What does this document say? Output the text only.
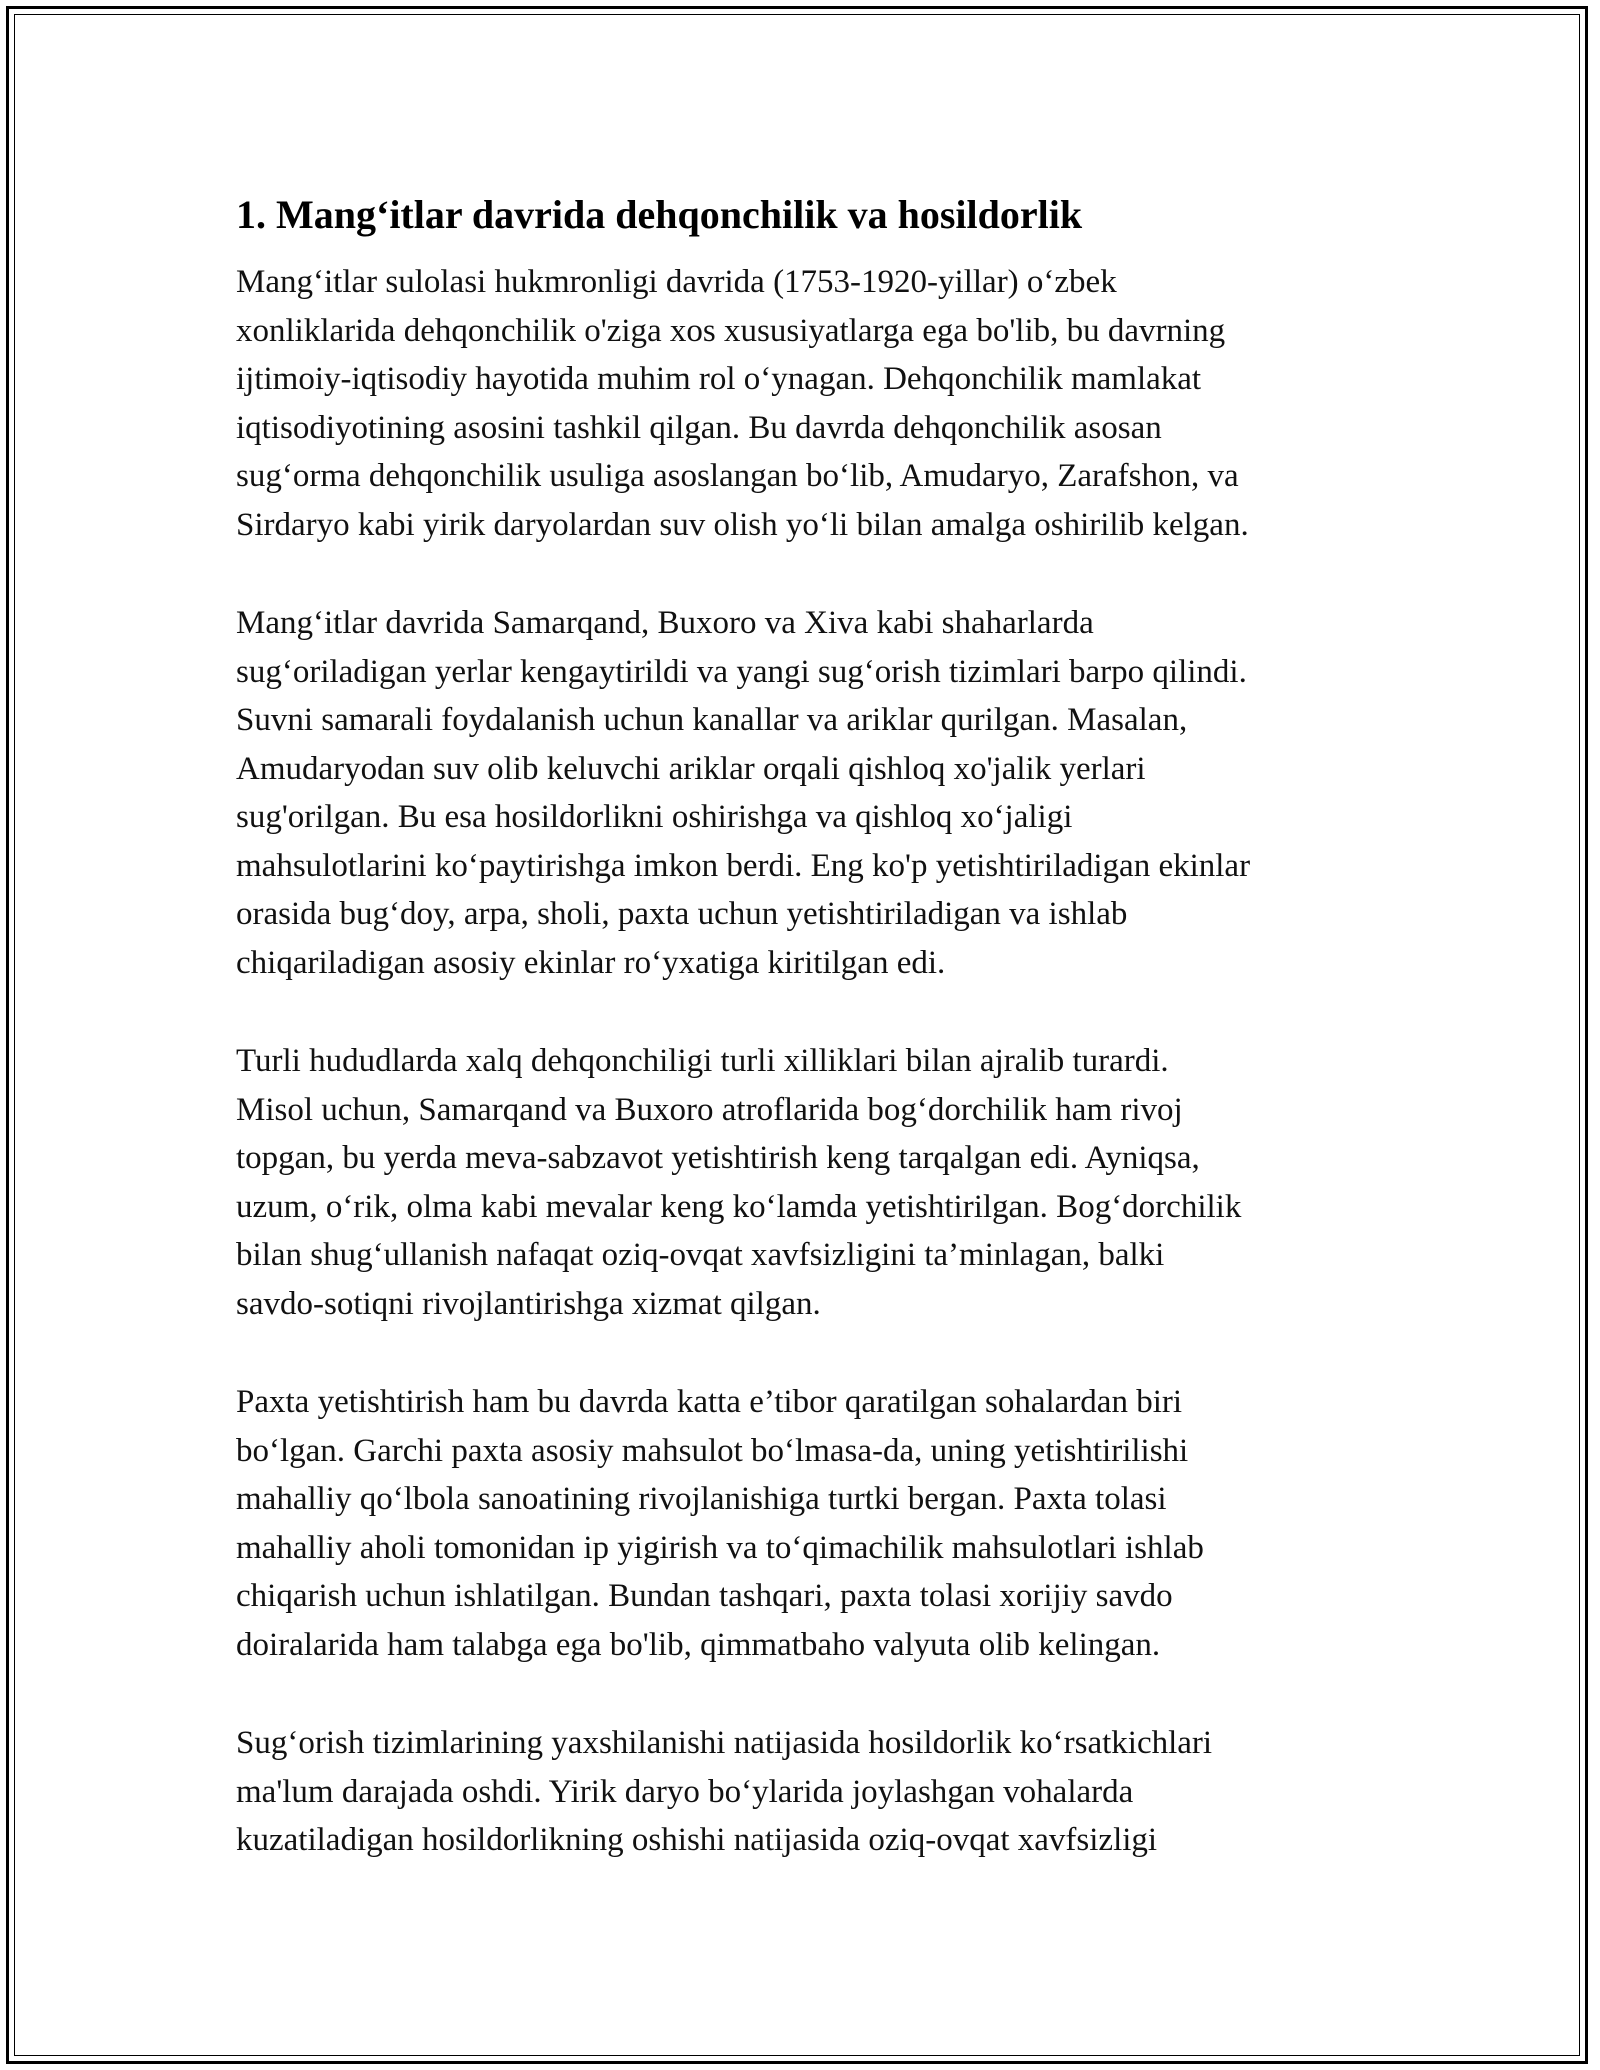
1. Mang‘itlar davrida dehqonchilik va hosildorlik

Mang‘itlar sulolasi hukmronligi davrida (1753-1920-yillar) o‘zbek
xonliklarida dehqonchilik o'ziga xos xususiyatlarga ega bo'lib, bu davrning
ijtimoiy-iqtisodiy hayotida muhim rol o‘ynagan. Dehqonchilik mamlakat
iqtisodiyotining asosini tashkil qilgan. Bu davrda dehqonchilik asosan
sug‘orma dehqonchilik usuliga asoslangan bo‘lib, Amudaryo, Zarafshon, va
Sirdaryo kabi yirik daryolardan suv olish yo‘li bilan amalga oshirilib kelgan.

Mang‘itlar davrida Samarqand, Buxoro va Xiva kabi shaharlarda
sug‘oriladigan yerlar kengaytirildi va yangi sug‘orish tizimlari barpo qilindi.
Suvni samarali foydalanish uchun kanallar va ariklar qurilgan. Masalan,
Amudaryodan suv olib keluvchi ariklar orqali qishloq xo'jalik yerlari
sug'orilgan. Bu esa hosildorlikni oshirishga va qishloq xo‘jaligi
mahsulotlarini ko‘paytirishga imkon berdi. Eng ko'p yetishtiriladigan ekinlar
orasida bug‘doy, arpa, sholi, paxta uchun yetishtiriladigan va ishlab
chiqariladigan asosiy ekinlar ro‘yxatiga kiritilgan edi.

Turli hududlarda xalq dehqonchiligi turli xilliklari bilan ajralib turardi.
Misol uchun, Samarqand va Buxoro atroflarida bog‘dorchilik ham rivoj
topgan, bu yerda meva-sabzavot yetishtirish keng tarqalgan edi. Ayniqsa,
uzum, o‘rik, olma kabi mevalar keng ko‘lamda yetishtirilgan. Bog‘dorchilik
bilan shug‘ullanish nafaqat oziq-ovqat xavfsizligini ta’minlagan, balki
savdo-sotiqni rivojlantirishga xizmat qilgan.

Paxta yetishtirish ham bu davrda katta e’tibor qaratilgan sohalardan biri
bo‘lgan. Garchi paxta asosiy mahsulot bo‘lmasa-da, uning yetishtirilishi
mahalliy qo‘lbola sanoatining rivojlanishiga turtki bergan. Paxta tolasi
mahalliy aholi tomonidan ip yigirish va to‘qimachilik mahsulotlari ishlab
chiqarish uchun ishlatilgan. Bundan tashqari, paxta tolasi xorijiy savdo
doiralarida ham talabga ega bo'lib, qimmatbaho valyuta olib kelingan.

Sug‘orish tizimlarining yaxshilanishi natijasida hosildorlik ko‘rsatkichlari
ma'lum darajada oshdi. Yirik daryo bo‘ylarida joylashgan vohalarda
kuzatiladigan hosildorlikning oshishi natijasida oziq-ovqat xavfsizligi
